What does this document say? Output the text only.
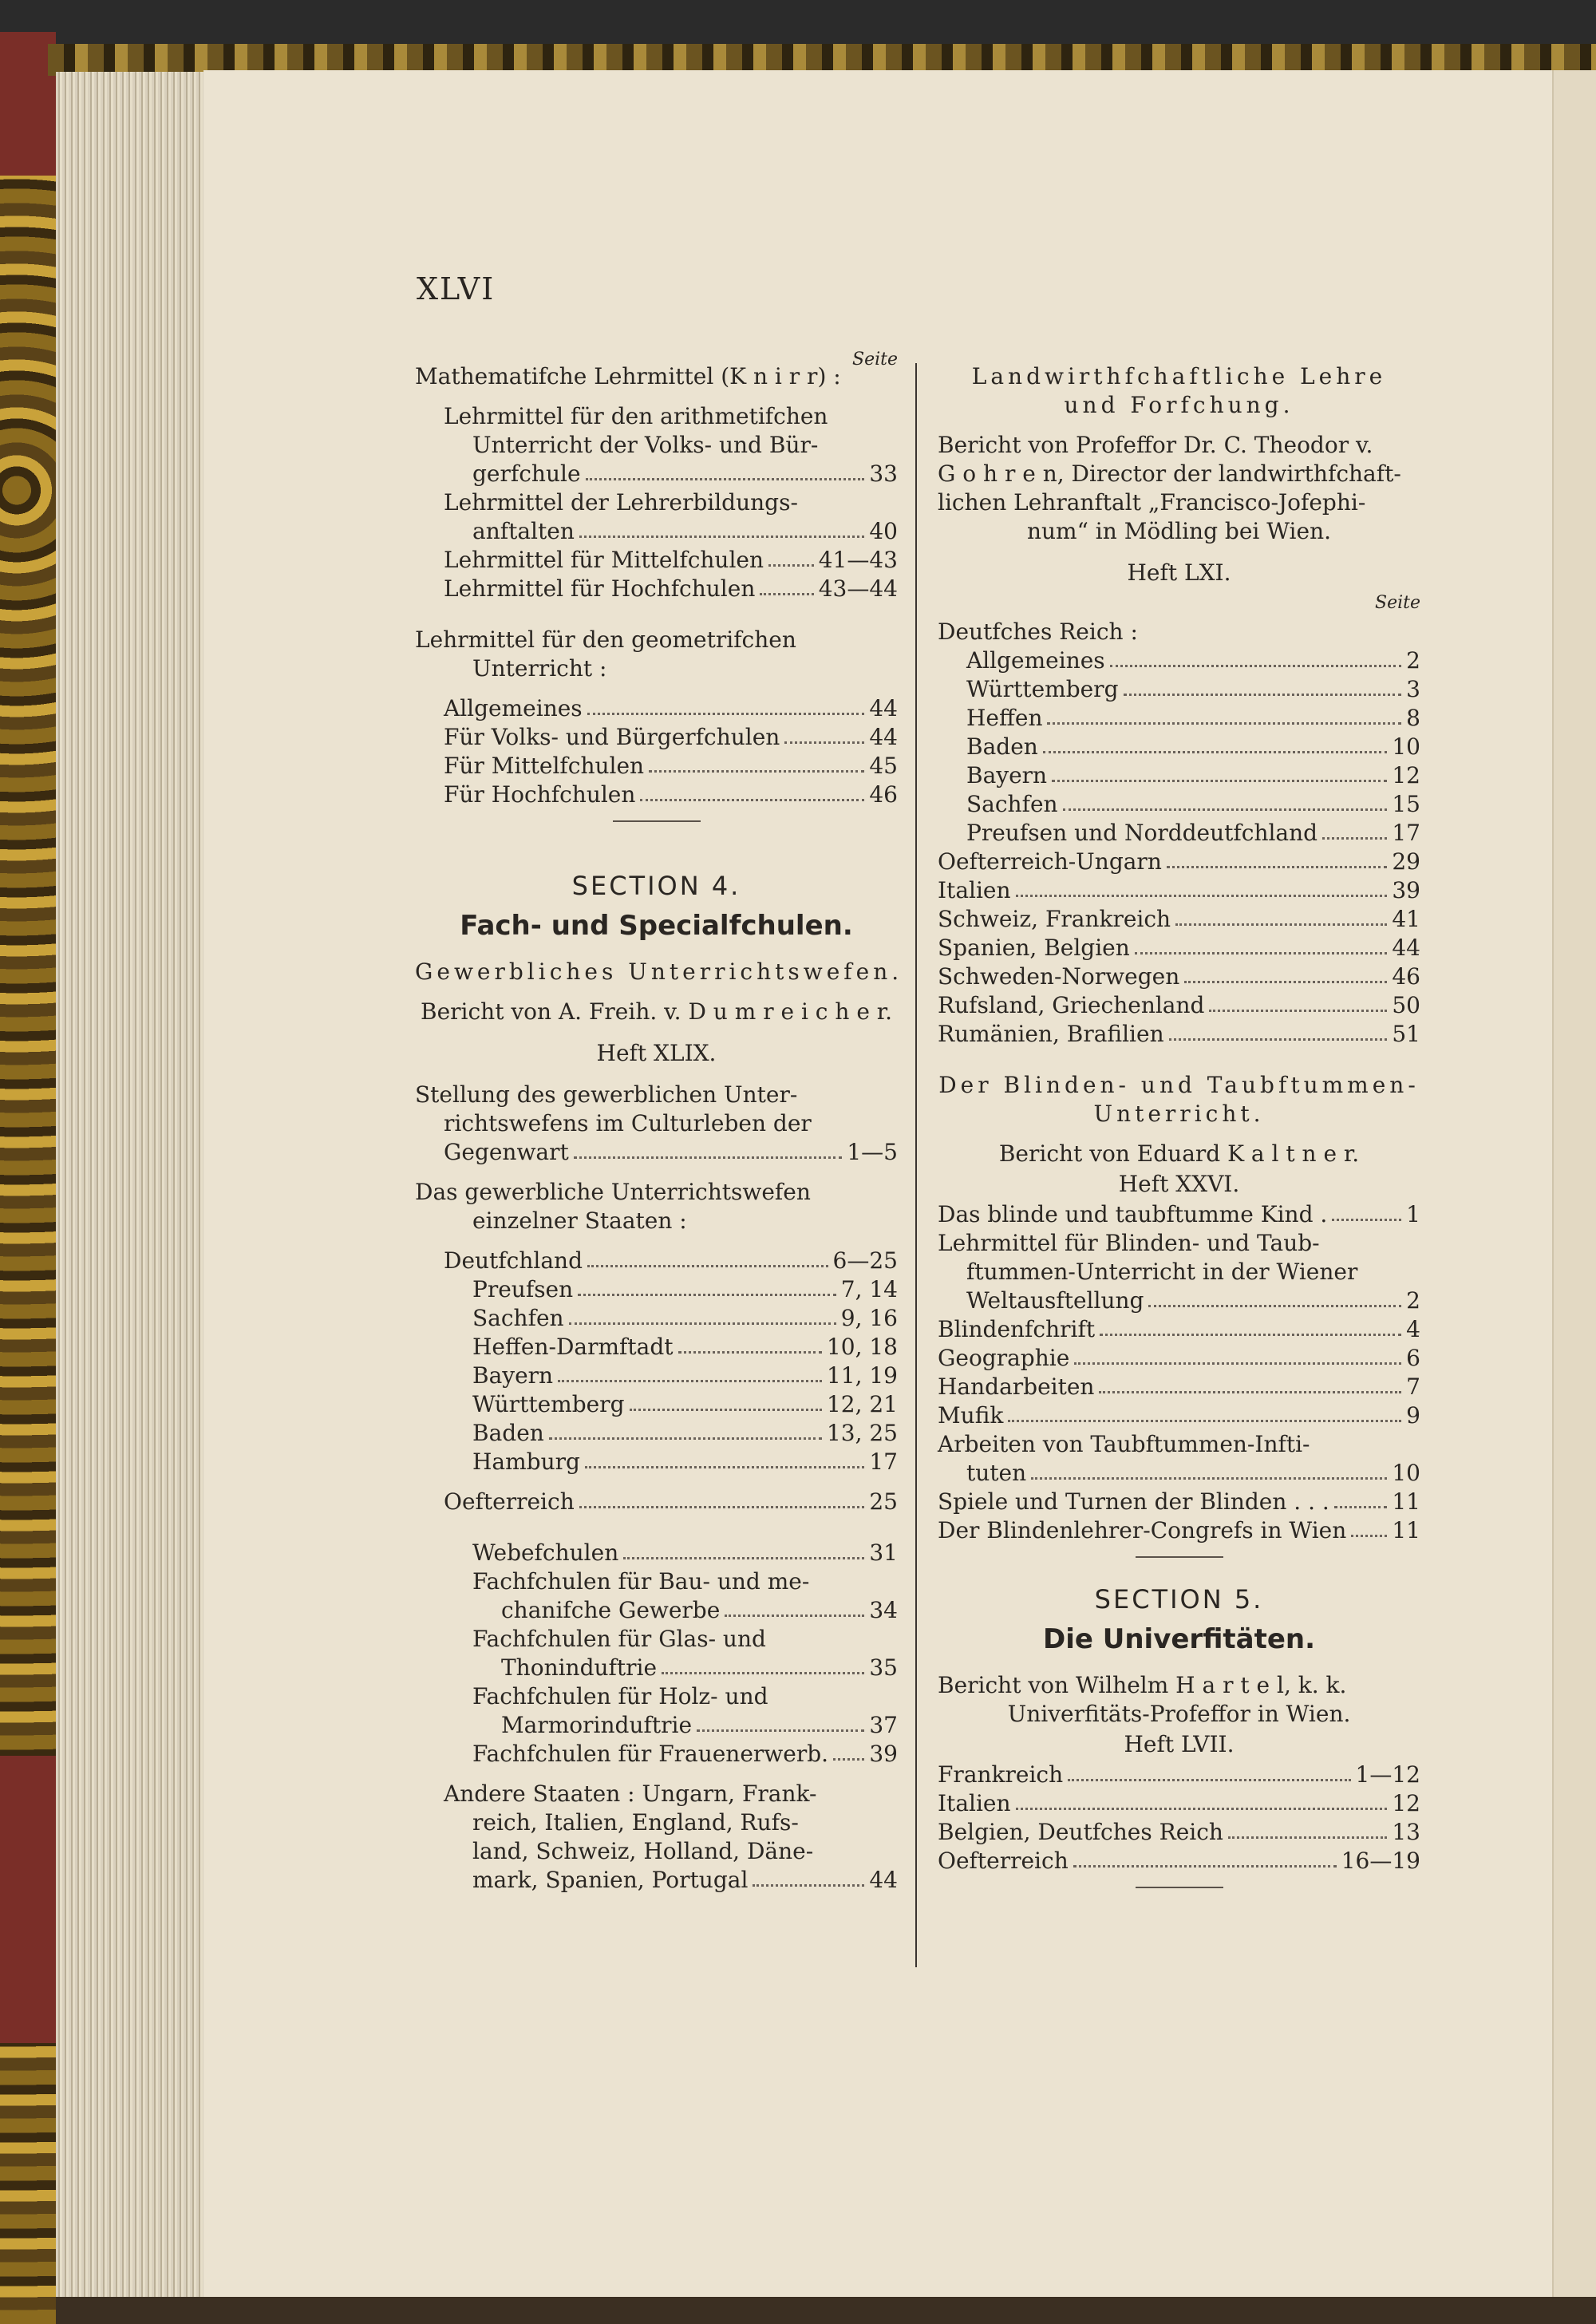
XLVI
Seite
Mathematifche Lehrmittel (K n i r r) :
Lehrmittel für den arithmetifchen
Unterricht der Volks- und Bür-
gerfchule	33
Lehrmittel der Lehrerbildungs-
anftalten	40
Lehrmittel für Mittelfchulen 41—43
Lehrmittel für Hochfchulen	43—44
Lehrmittel für den geometrifchen
Unterricht :
Allgemeines	44
Für Volks- und Bürgerfchulen	44
Für Mittelfchulen	45
Für Hochfchulen	46
SECTION 4.
Fach- und Specialfchulen.
Gewerbliches Unterrichtswefen.
Bericht von A. Freih. v. D u m r e i c h e r.
Heft XLIX.
Stellung des gewerblichen Unter-
richtswefens im Culturleben der
Gegenwart	1—5
Das gewerbliche Unterrichtswefen
einzelner Staaten :
Deutfchland	6—25
Preufsen	7, 14
Sachfen	9, 16
Heffen-Darmftadt	10, 18
Bayern	11, 19
Württemberg	12, 21
Baden	13, 25
Hamburg	17
Oefterreich	25
Webefchulen	31
Fachfchulen für Bau- und me-
chanifche Gewerbe	34
Fachfchulen für Glas- und
Thoninduftrie	35
Fachfchulen für Holz- und
Marmorinduftrie	37
Fachfchulen für Frauenerwerb. 39
Andere Staaten : Ungarn, Frank-
reich, Italien, England, Rufs-
land, Schweiz, Holland, Däne-
mark, Spanien, Portugal	44
Landwirthfchaftliche Lehre
und Forfchung.
Bericht von Profeffor Dr. C. Theodor v.
G o h r e n, Director der landwirthfchaft-
lichen Lehranftalt „Francisco-Jofephi-
num“ in Mödling bei Wien.
Heft LXI.
Seite
Deutfches Reich :
Allgemeines	2
Württemberg	3
Heffen	8
Baden	10
Bayern	12
Sachfen	15
Preufsen und Norddeutfchland	17
Oefterreich-Ungarn	29
Italien	39
Schweiz, Frankreich	41
Spanien, Belgien	44
Schweden-Norwegen	46
Rufsland, Griechenland	50
Rumänien, Brafilien	51
Der Blinden- und Taubftummen-
Unterricht.
Bericht von Eduard K a l t n e r.
Heft XXVI.
Das blinde und taubftumme Kind .	1
Lehrmittel für Blinden- und Taub-
ftummen-Unterricht in der Wiener
Weltausftellung	2
Blindenfchrift	4
Geographie	6
Handarbeiten	7
Mufik	9
Arbeiten von Taubftummen-Infti-
tuten	10
Spiele und Turnen der Blinden . . .	11
Der Blindenlehrer-Congrefs in Wien 11
SECTION 5.
Die Univerfitäten.
Bericht von Wilhelm H a r t e l, k. k.
Univerfitäts-Profeffor in Wien.
Heft LVII.
Frankreich	1—12
Italien	12
Belgien, Deutfches Reich	13
Oefterreich	16—19
